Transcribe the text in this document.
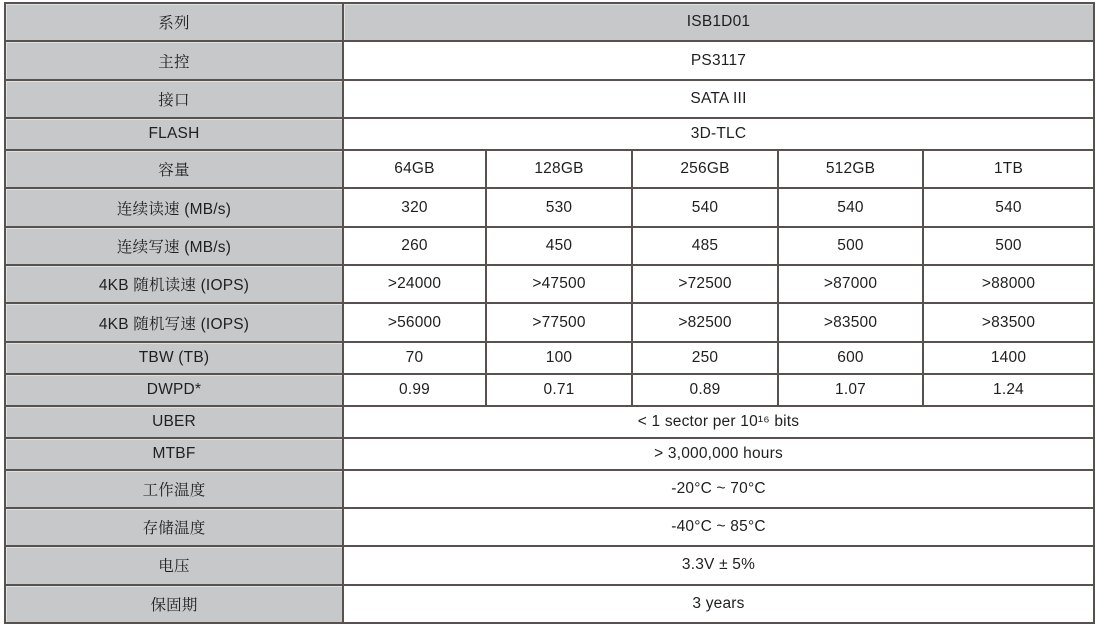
系列	ISB1D01				
主控	PS3117				
接口	SATA III				
FLASH	3D-TLC				
容量	64GB	128GB	256GB	512GB	1TB
连续读速 (MB/s)	320	530	540	540	540
连续写速 (MB/s)	260	450	485	500	500
4KB 随机读速 (IOPS)	>24000	>47500	>72500	>87000	>88000
4KB 随机写速 (IOPS)	>56000	>77500	>82500	>83500	>83500
TBW (TB)	70	100	250	600	1400
DWPD*	0.99	0.71	0.89	1.07	1.24
UBER	< 1 sector per 10¹⁶ bits				
MTBF	> 3,000,000 hours				
工作温度	-20°C ~ 70°C				
存储温度	-40°C ~ 85°C				
电压	3.3V ± 5%				
保固期	3 years				
